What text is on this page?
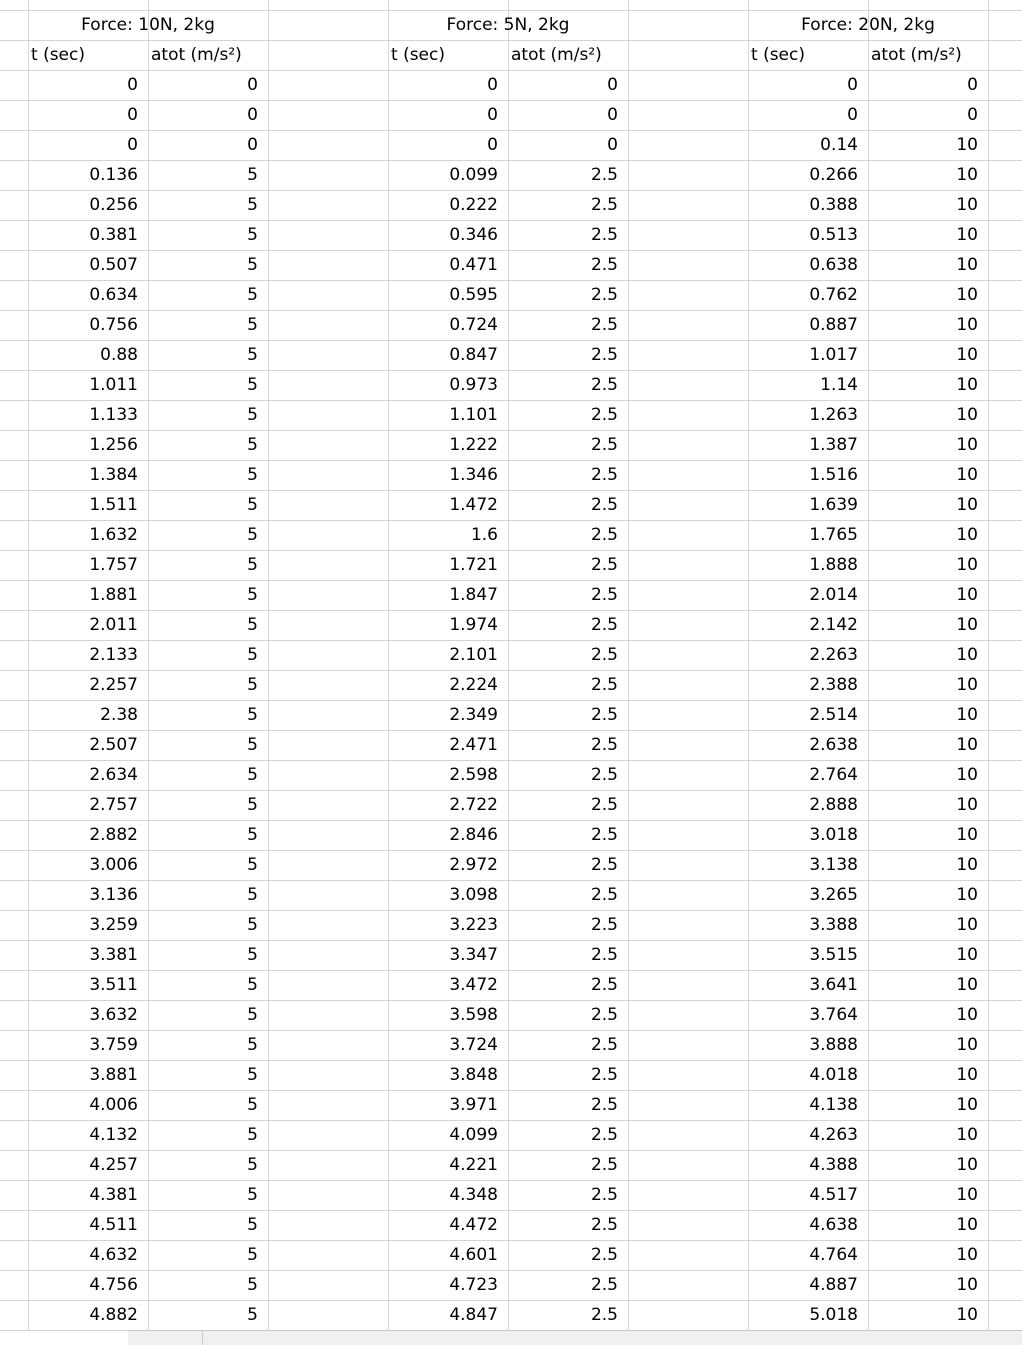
Force: 10N, 2kg
t (sec)	atot (m/s²)
0	0
0	0
0	0
0.136	5
0.256	5
0.381	5
0.507	5
0.634	5
0.756	5
0.88	5
1.011	5
1.133	5
1.256	5
1.384	5
1.511	5
1.632	5
1.757	5
1.881	5
2.011	5
2.133	5
2.257	5
2.38	5
2.507	5
2.634	5
2.757	5
2.882	5
3.006	5
3.136	5
3.259	5
3.381	5
3.511	5
3.632	5
3.759	5
3.881	5
4.006	5
4.132	5
4.257	5
4.381	5
4.511	5
4.632	5
4.756	5
4.882	5
Force: 5N, 2kg
t (sec)	atot (m/s²)
0	0
0	0
0	0
0.099	2.5
0.222	2.5
0.346	2.5
0.471	2.5
0.595	2.5
0.724	2.5
0.847	2.5
0.973	2.5
1.101	2.5
1.222	2.5
1.346	2.5
1.472	2.5
1.6	2.5
1.721	2.5
1.847	2.5
1.974	2.5
2.101	2.5
2.224	2.5
2.349	2.5
2.471	2.5
2.598	2.5
2.722	2.5
2.846	2.5
2.972	2.5
3.098	2.5
3.223	2.5
3.347	2.5
3.472	2.5
3.598	2.5
3.724	2.5
3.848	2.5
3.971	2.5
4.099	2.5
4.221	2.5
4.348	2.5
4.472	2.5
4.601	2.5
4.723	2.5
4.847	2.5
Force: 20N, 2kg
t (sec)	atot (m/s²)
0	0
0	0
0.14	10
0.266	10
0.388	10
0.513	10
0.638	10
0.762	10
0.887	10
1.017	10
1.14	10
1.263	10
1.387	10
1.516	10
1.639	10
1.765	10
1.888	10
2.014	10
2.142	10
2.263	10
2.388	10
2.514	10
2.638	10
2.764	10
2.888	10
3.018	10
3.138	10
3.265	10
3.388	10
3.515	10
3.641	10
3.764	10
3.888	10
4.018	10
4.138	10
4.263	10
4.388	10
4.517	10
4.638	10
4.764	10
4.887	10
5.018	10
